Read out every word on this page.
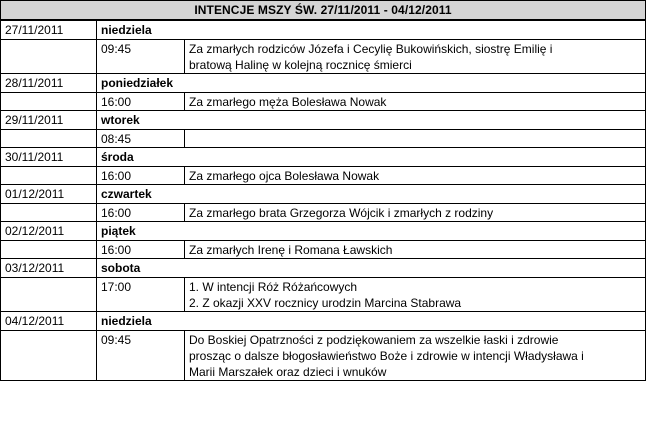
INTENCJE MSZY ŚW. 27/11/2011 - 04/12/2011		
27/11/2011	niedziela	
	09:45	Za zmarłych rodziców Józefa i Cecylię Bukowińskich, siostrę Emilię i
bratową Halinę w kolejną rocznicę śmierci

28/11/2011	poniedziałek	
	16:00	Za zmarłego męża Bolesława Nowak

29/11/2011	wtorek	
	08:45	

30/11/2011	środa	
	16:00	Za zmarłego ojca Bolesława Nowak

01/12/2011	czwartek	
	16:00	Za zmarłego brata Grzegorza Wójcik i zmarłych z rodziny

02/12/2011	piątek	
	16:00	Za zmarłych Irenę i Romana Ławskich

03/12/2011	sobota	
	17:00	1. W intencji Róż Różańcowych
2. Z okazji XXV rocznicy urodzin Marcina Stabrawa

04/12/2011	niedziela	
	09:45	Do Boskiej Opatrzności z podziękowaniem za wszelkie łaski i zdrowie
prosząc o dalsze błogosławieństwo Boże i zdrowie w intencji Władysława i
Marii Marszałek oraz dzieci i wnuków
